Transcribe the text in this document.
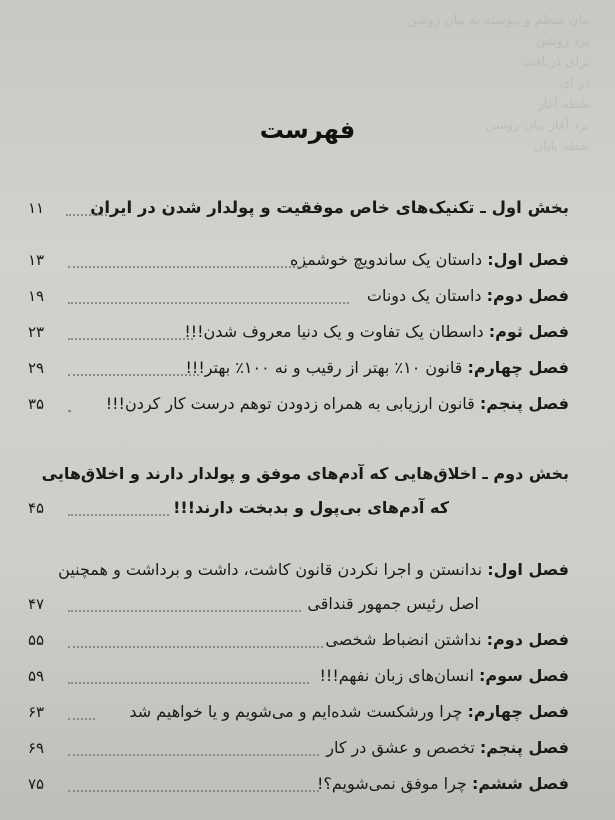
بیان منظم و پیوسته به بیان روشن
برد روشن
برای دریافت
در ای
نقطه آغاز
برد آغاز بیان روشن
نقطه پایان
فهرست
بخش اول ـ تکنیک‌های خاص موفقیت و پولدار شدن در ایران
۱۱
فصل اول: داستان یک ساندویچ خوشمزه
۱۳
فصل دوم: داستان یک دونات
۱۹
فصل ثوم: داسطان یک تفاوت و یک دنیا معروف شدن!!!
۲۳
فصل چهارم: قانون ۱۰٪ بهتر از رقیب و نه ۱۰۰٪ بهتر!!!
۲۹
فصل پنجم: قانون ارزیابی به همراه زدودن توهم درست کار کردن!!!
۳۵
بخش دوم ـ اخلاق‌هایی که آدم‌های موفق و پولدار دارند و اخلاق‌هایی
که آدم‌های بی‌پول و بدبخت دارند!!!
۴۵
فصل اول: ندانستن و اجرا نکردن قانون کاشت، داشت و برداشت و همچنین
اصل رئیس جمهور قنداقی
۴۷
فصل دوم: نداشتن انضباط شخصی
۵۵
فصل سوم: انسان‌های زبان نفهم!!!
۵۹
فصل چهارم: چرا ورشکست شده‌ایم و می‌شویم و یا خواهیم شد
۶۳
فصل پنجم: تخصص و عشق در کار
۶۹
فصل ششم: چرا موفق نمی‌شویم؟!
۷۵
